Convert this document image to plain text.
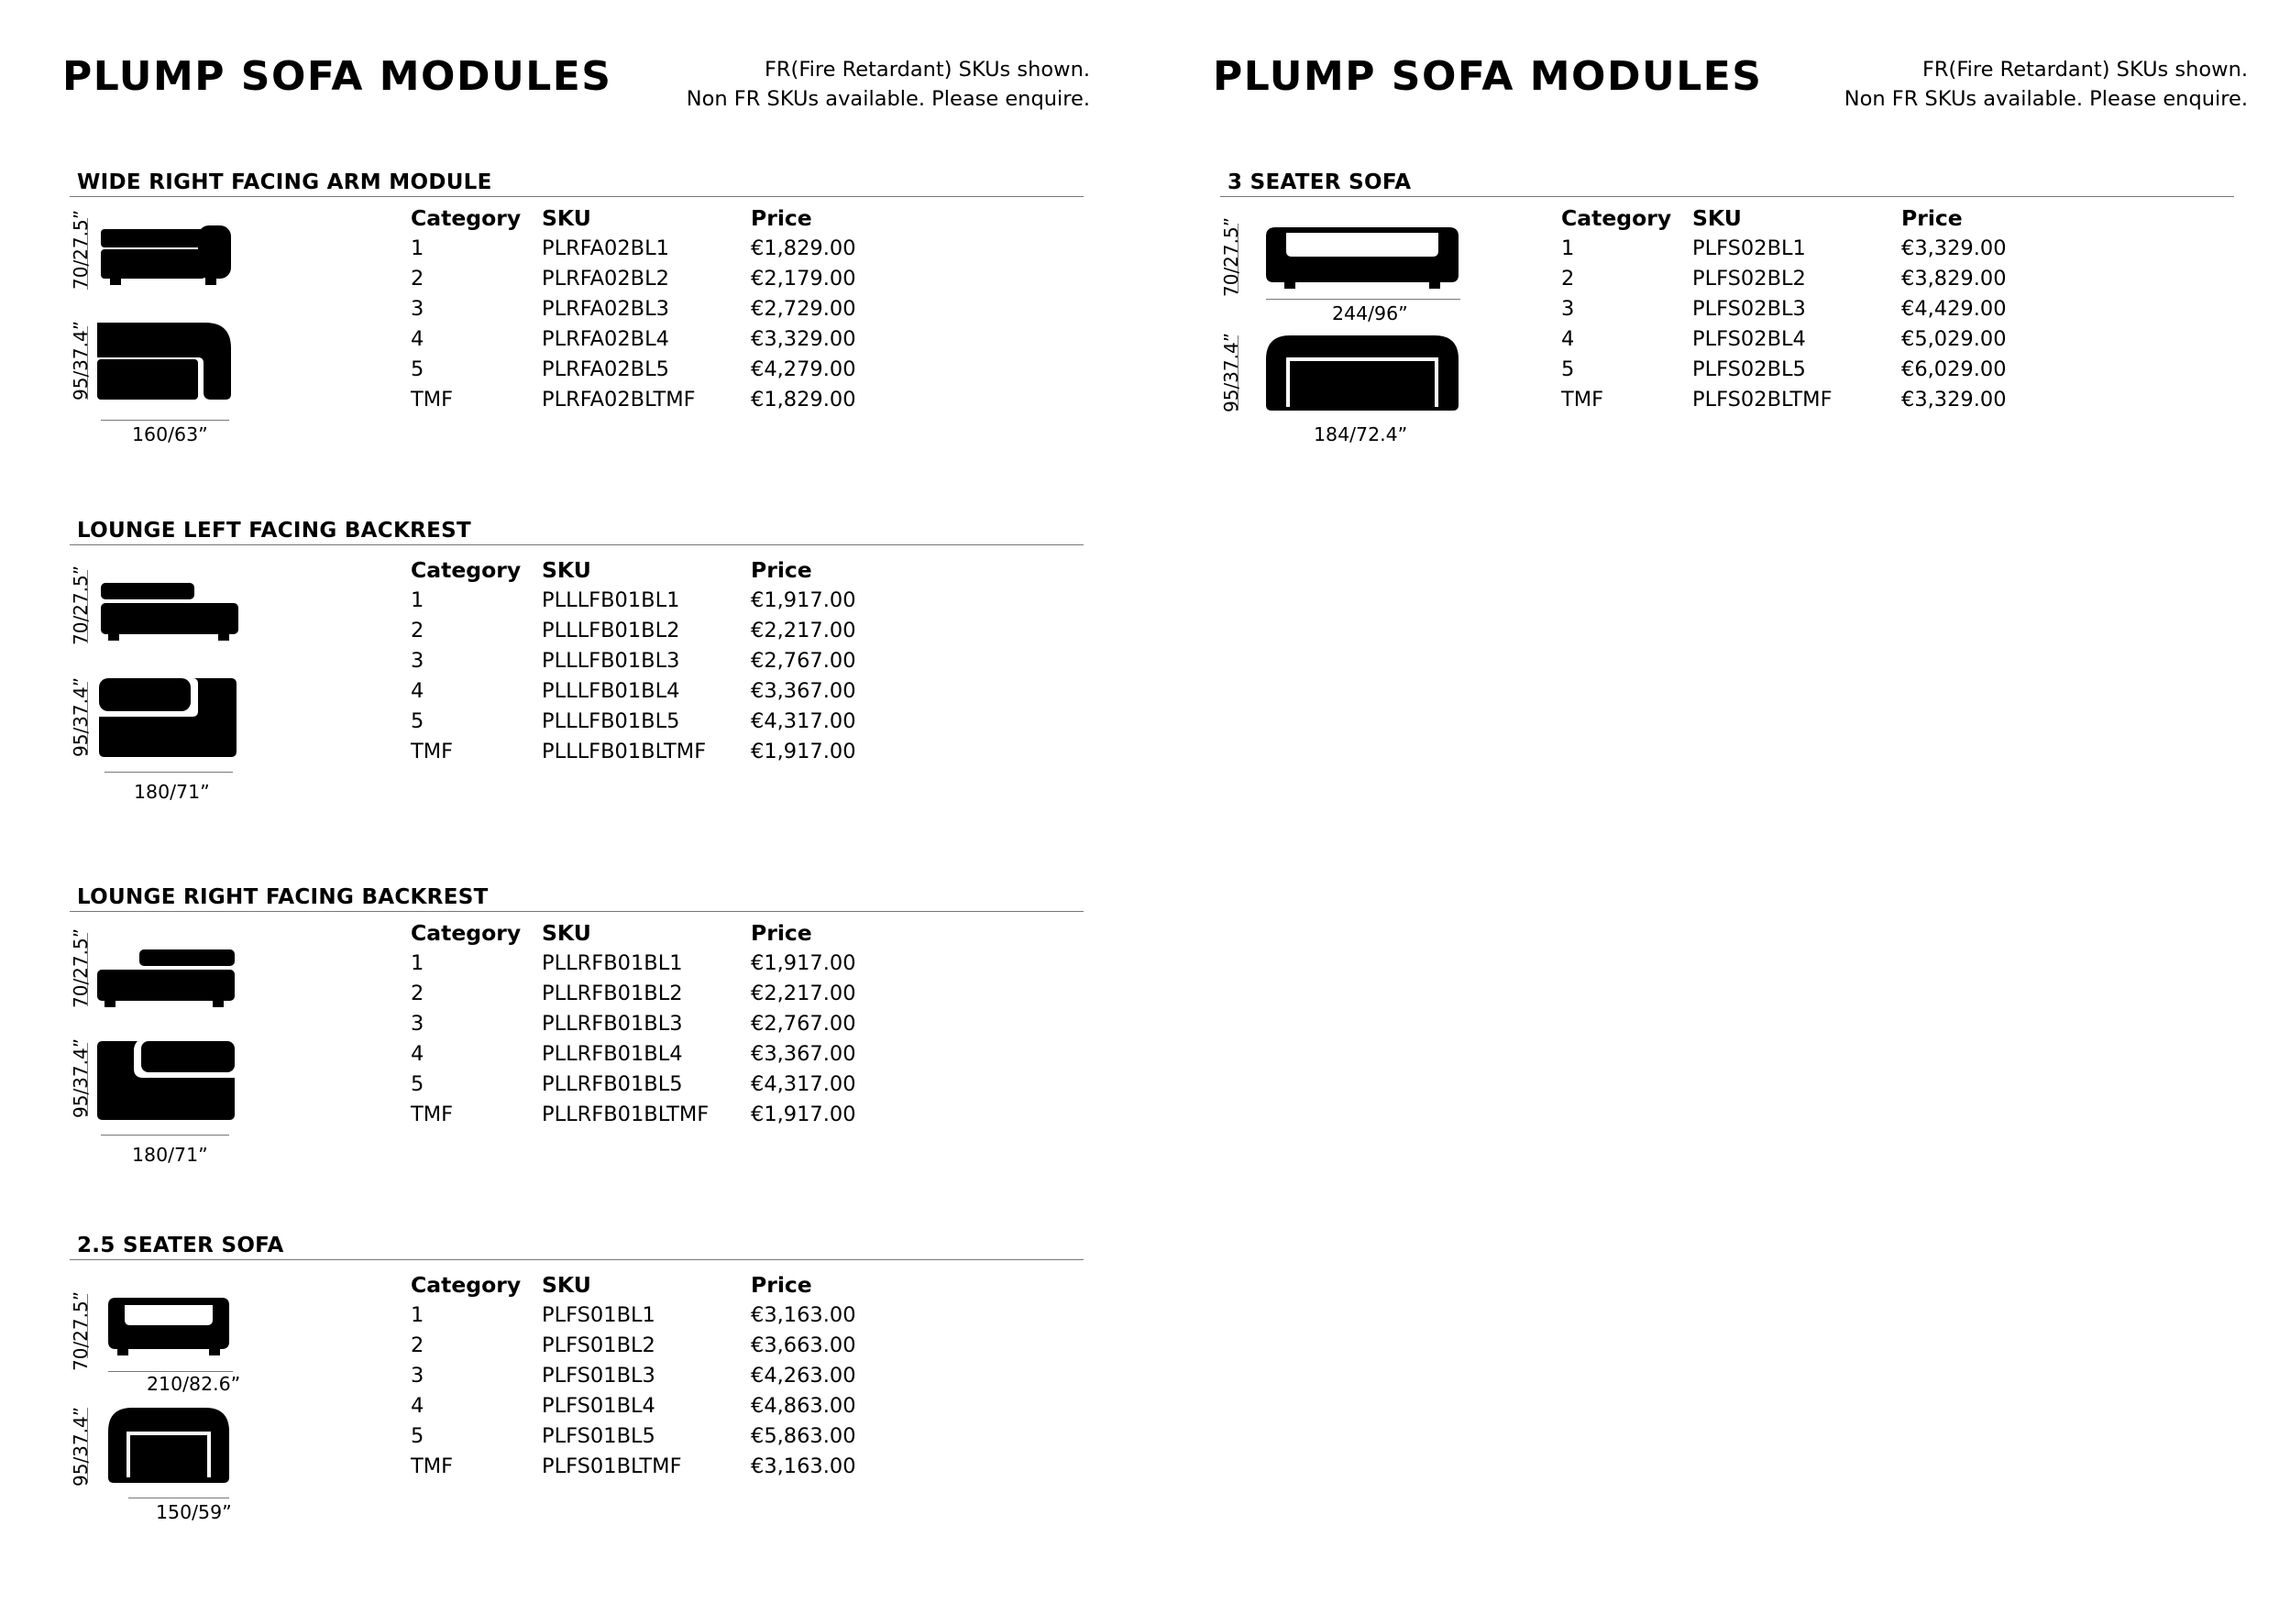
PLUMP SOFA MODULES	FR(Fire Retardant) SKUs shown.
Non FR SKUs available. Please enquire.
WIDE RIGHT FACING ARM MODULE
70/27.5”
95/37.4”
160/63”
Category SKU	Price
1	PLRFA02BL1	€1,829.00
2	PLRFA02BL2	€2,179.00
3	PLRFA02BL3	€2,729.00
4	PLRFA02BL4	€3,329.00
5	PLRFA02BL5	€4,279.00
TMF	PLRFA02BLTMF	€1,829.00
LOUNGE LEFT FACING BACKREST
70/27.5”
95/37.4”
180/71”
Category SKU	Price
1	PLLLFB01BL1	€1,917.00
2	PLLLFB01BL2	€2,217.00
3	PLLLFB01BL3	€2,767.00
4	PLLLFB01BL4	€3,367.00
5	PLLLFB01BL5	€4,317.00
TMF	PLLLFB01BLTMF €1,917.00
LOUNGE RIGHT FACING BACKREST
70/27.5”
95/37.4”
180/71”
Category SKU	Price
1	PLLRFB01BL1	€1,917.00
2	PLLRFB01BL2	€2,217.00
3	PLLRFB01BL3	€2,767.00
4	PLLRFB01BL4	€3,367.00
5	PLLRFB01BL5	€4,317.00
TMF	PLLRFB01BLTMF €1,917.00
2.5 SEATER SOFA
70/27.5”
210/82.6”
95/37.4”
150/59”
Category SKU	Price
1	PLFS01BL1	€3,163.00
2	PLFS01BL2	€3,663.00
3	PLFS01BL3	€4,263.00
4	PLFS01BL4	€4,863.00
5	PLFS01BL5	€5,863.00
TMF	PLFS01BLTMF	€3,163.00
PLUMP SOFA MODULES	FR(Fire Retardant) SKUs shown.
Non FR SKUs available. Please enquire.
3 SEATER SOFA
70/27.5”
244/96”
95/37.4”
184/72.4”
Category SKU	Price
1	PLFS02BL1	€3,329.00
2	PLFS02BL2	€3,829.00
3	PLFS02BL3	€4,429.00
4	PLFS02BL4	€5,029.00
5	PLFS02BL5	€6,029.00
TMF	PLFS02BLTMF	€3,329.00
